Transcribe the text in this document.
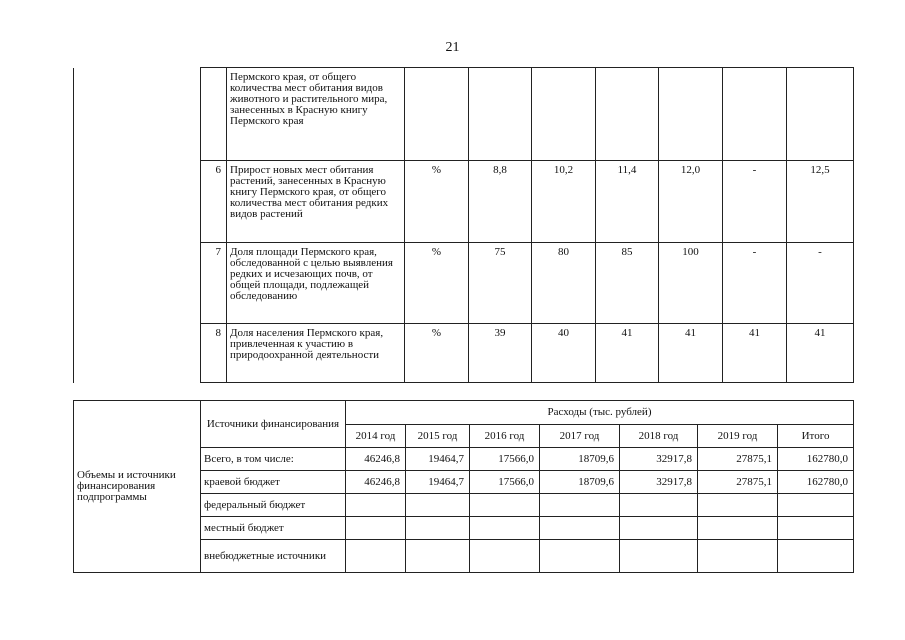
21
		Пермского края, от общего количества мест обитания видов животного и растительного мира, занесенных в Красную книгу Пермского края							
	6	Прирост новых мест обитания растений, занесенных в Красную книгу Пермского края, от общего количества мест обитания редких видов растений	%	8,8	10,2	11,4	12,0	-	12,5
	7	Доля площади Пермского края, обследованной с целью выявления редких и исчезающих почв, от общей площади, подлежащей обследованию	%	75	80	85	100	-	-
	8	Доля населения Пермского края, привлеченная к участию в природоохранной деятельности	%	39	40	41	41	41	41
Объемы и источники финансирования подпрограммы	Источники финансирования	Расходы (тыс. рублей)						
		2014 год	2015 год	2016 год	2017 год	2018 год	2019 год	Итого
	Всего, в том числе:	46246,8	19464,7	17566,0	18709,6	32917,8	27875,1	162780,0
	краевой бюджет	46246,8	19464,7	17566,0	18709,6	32917,8	27875,1	162780,0
	федеральный бюджет							
	местный бюджет							
	внебюджетные источники							
